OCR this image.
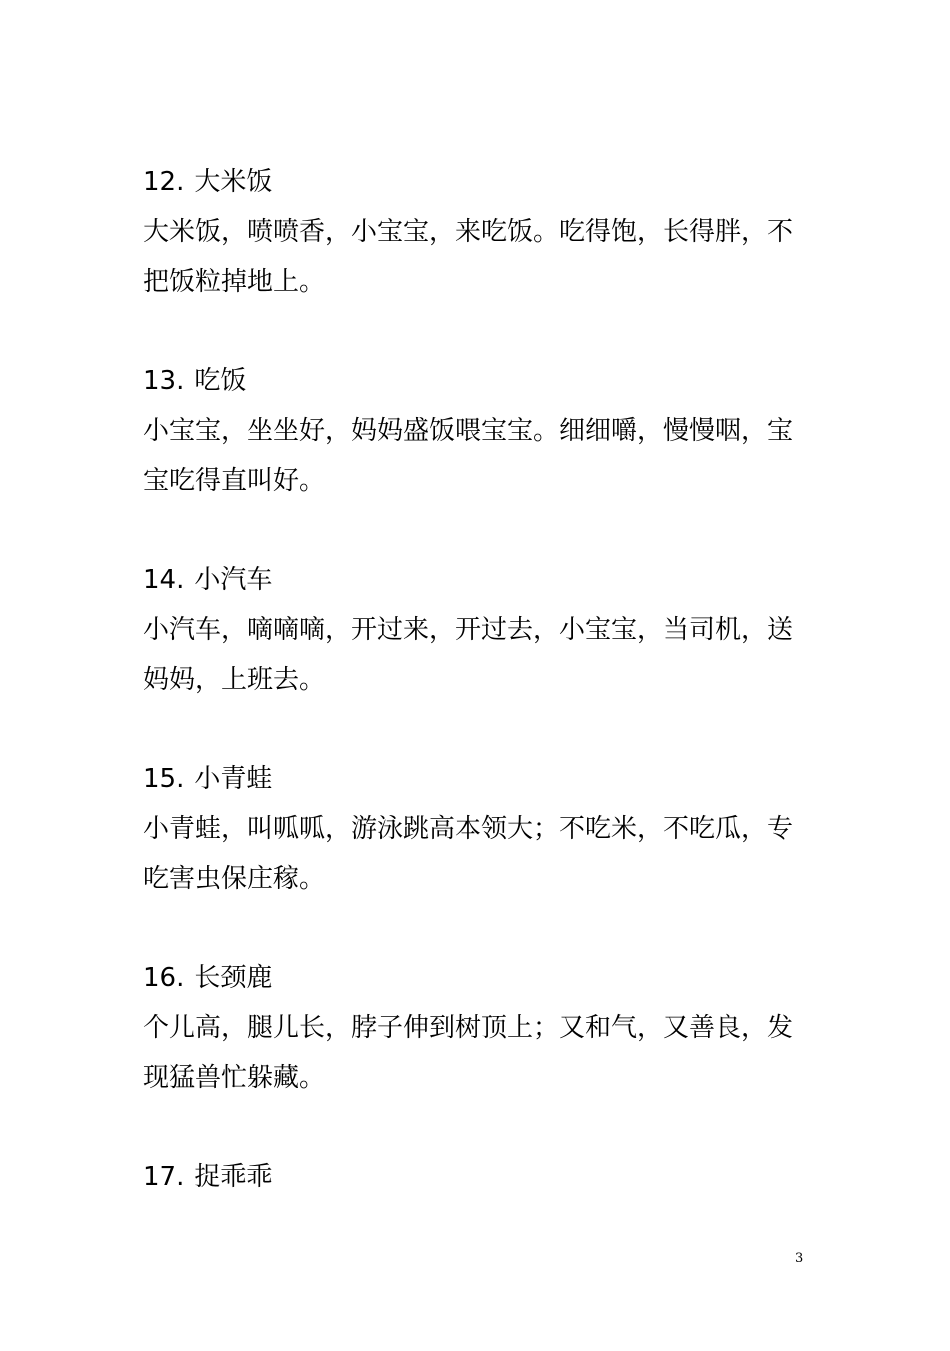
12. 大米饭

大米饭，喷喷香，小宝宝，来吃饭。吃得饱，长得胖，不把饭粒掉地上。

13. 吃饭

小宝宝，坐坐好，妈妈盛饭喂宝宝。细细嚼，慢慢咽，宝宝吃得直叫好。

14. 小汽车

小汽车，嘀嘀嘀，开过来，开过去，小宝宝，当司机，送妈妈，上班去。

15. 小青蛙

小青蛙，叫呱呱，游泳跳高本领大；不吃米，不吃瓜，专吃害虫保庄稼。

16. 长颈鹿

个儿高，腿儿长，脖子伸到树顶上；又和气，又善良，发现猛兽忙躲藏。

17. 捉乖乖
3
